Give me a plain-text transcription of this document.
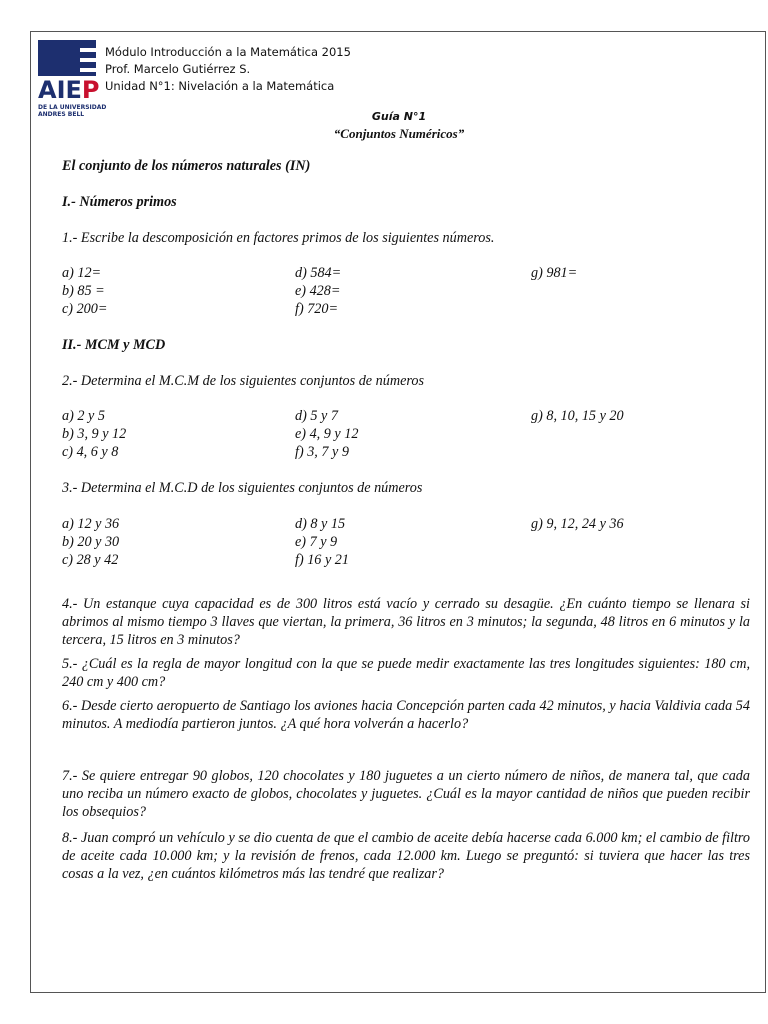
AIEP
DE LA UNIVERSIDAD
ANDRES BELL
Módulo Introducción a la Matemática 2015
Prof. Marcelo Gutiérrez S.
Unidad N°1: Nivelación a la Matemática
Guía N°1
“Conjuntos Numéricos”
El conjunto de los números naturales (IN)
I.- Números primos
1.- Escribe la descomposición en factores primos de los siguientes números.
a) 12=	d) 584=	g) 981=
b) 85 =	e) 428=
c) 200=	f) 720=
II.- MCM y MCD
2.- Determina el M.C.M de los siguientes conjuntos de números
a) 2 y 5	d) 5 y 7	g) 8, 10, 15 y 20
b) 3, 9 y 12	e) 4, 9 y 12
c) 4, 6 y 8	f) 3, 7 y 9
3.- Determina el M.C.D de los siguientes conjuntos de números
a) 12 y 36	d) 8 y 15	g) 9, 12, 24 y 36
b) 20 y 30	e) 7 y 9
c) 28 y 42	f) 16 y 21
4.- Un estanque cuya capacidad es de 300 litros está vacío y cerrado su desagüe. ¿En cuánto tiempo se llenara si abrimos al mismo tiempo 3 llaves que viertan, la primera, 36 litros en 3 minutos; la segunda, 48 litros en 6 minutos y la tercera, 15 litros en 3 minutos?
5.- ¿Cuál es la regla de mayor longitud con la que se puede medir exactamente las tres longitudes siguientes: 180 cm, 240 cm y 400 cm?
6.- Desde cierto aeropuerto de Santiago los aviones hacia Concepción parten cada 42 minutos, y hacia Valdivia cada 54 minutos. A mediodía partieron juntos. ¿A qué hora volverán a hacerlo?
7.- Se quiere entregar 90 globos, 120 chocolates y 180 juguetes a un cierto número de niños, de manera tal, que cada uno reciba un número exacto de globos, chocolates y juguetes. ¿Cuál es la mayor cantidad de niños que pueden recibir los obsequios?
8.- Juan compró un vehículo y se dio cuenta de que el cambio de aceite debía hacerse cada 6.000 km; el cambio de filtro de aceite cada 10.000 km; y la revisión de frenos, cada 12.000 km. Luego se preguntó: si tuviera que hacer las tres cosas a la vez, ¿en cuántos kilómetros más las tendré que realizar?
